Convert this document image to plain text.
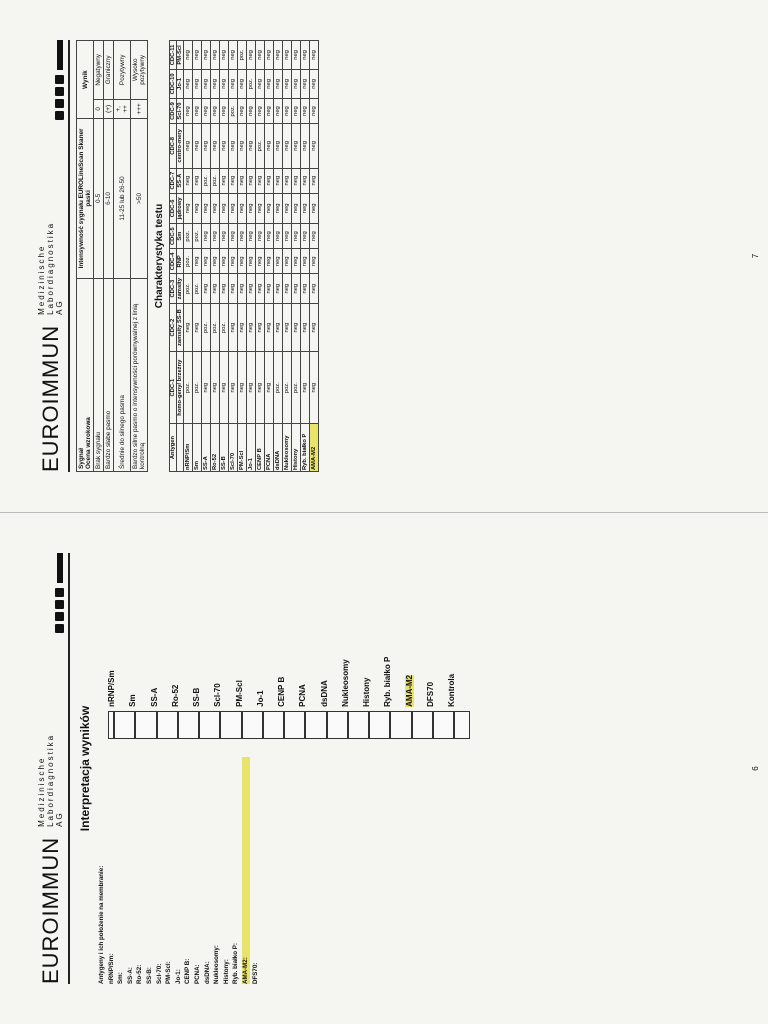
EUROIMMUN
Medizinische Labordiagnostika AG Interpretacja wyników

Antygeny i ich położenie na membranie: nRNP/Sm: Sm: SS-A: Ro-52: SS-B: Scl-70: PM-Scl: Jo-1: CENP B: PCNA: dsDNA: Nukleosomy: Histony: Ryb. białko P: AMA-M2: DFS70:

nRNP/Sm Sm SS-A Ro-52 SS-B Scl-70 PM-Scl Jo-1 CENP B PCNA dsDNA Nukleosomy Histony Ryb. białko P AMA-M2 DFS70 Kontrola
6
EUROIMMUN
Medizinische Labordiagnostika AG

Sygnał
Ocena wzrokowa	Intensywność sygnału EUROLineScan Skaner paski	Wynik	
Brak sygnału	0-5	0	Negatywny
Bardzo słabe pasmo	6-10	(+)	Graniczny
Średnie do silnego pasma	11-25 lub 26-50	+, ++	Pozytywny
Bardzo silne pasmo o intensywności porównywalnej z linią kontrolną	>50	+++	Wysoko pozytywny

Charakterystyka testu

Antygen	CDC-1	CDC-2	CDC-3	CDC-4	CDC-5	CDC-6	CDC-7	CDC-8	CDC-9	CDC-10	CDC-11
	homo-geny/ brzeżny	zamsity SS-B	zamsity	RNP	Sm	jądrowy	SS-A	centro-mery	Scl-70	Jo-1	PM-Scl
nRNP/Sm	poz.	neg	poz.	poz.	poz.	neg	neg	neg	neg	neg	neg
Sm	poz.	neg	poz.	neg	poz.	neg	neg	neg	neg	neg	neg
SS-A	neg	poz.	neg	neg	neg	neg	poz.	neg	neg	neg	neg
Ro-52	neg	poz.	neg	neg	neg	neg	poz.	neg	neg	neg	neg
SS-B	neg	poz.	neg	neg	neg	neg	neg	neg	neg	neg	neg
Scl-70	neg	neg	neg	neg	neg	neg	neg	neg	poz.	neg	neg
PM-Scl	neg	neg	neg	neg	neg	neg	neg	neg	neg	neg	poz.
Jo-1	neg	neg	neg	neg	neg	neg	neg	neg	neg	poz.	neg
CENP B	neg	neg	neg	neg	neg	neg	neg	poz.	neg	neg	neg
PCNA	neg	neg	neg	neg	neg	neg	neg	neg	neg	neg	neg
dsDNA	poz.	neg	neg	neg	neg	neg	neg	neg	neg	neg	neg
Nukleosomy	poz.	neg	neg	neg	neg	neg	neg	neg	neg	neg	neg
Histony	poz.	neg	neg	neg	neg	neg	neg	neg	neg	neg	neg
Ryb. białko P	neg	neg	neg	neg	neg	neg	neg	neg	neg	neg	neg
AMA-M2	neg	neg	neg	neg	neg	neg	neg	neg	neg	neg	neg

7
